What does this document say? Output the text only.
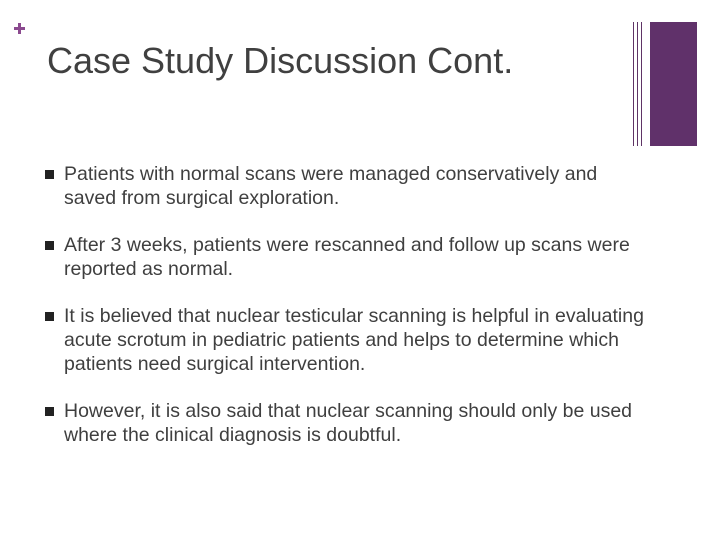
Case Study Discussion Cont.
Patients with normal scans were managed conservatively and saved from surgical exploration.
After 3 weeks, patients were rescanned and follow up scans were reported as normal.
It is believed that nuclear testicular scanning is helpful in evaluating acute scrotum in pediatric patients and helps to determine which patients need surgical intervention.
However, it is also said that nuclear scanning should only be used where the clinical diagnosis is doubtful.
